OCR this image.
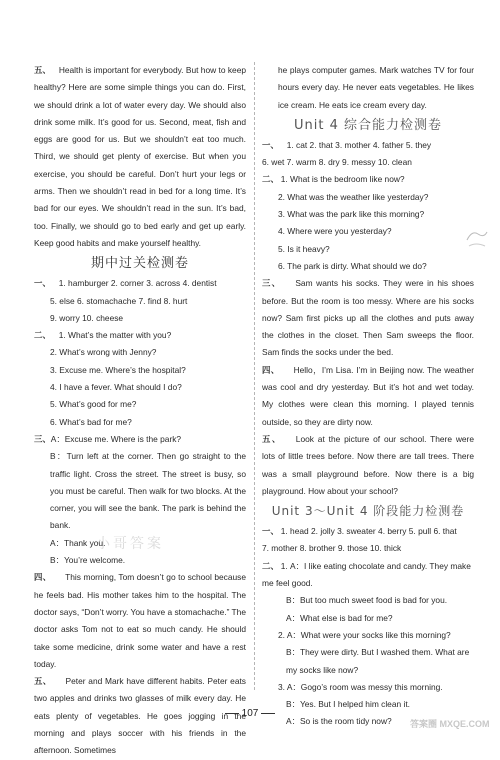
五、 Health is important for everybody. But how to keep healthy? Here are some simple things you can do. First, we should drink a lot of water every day. We should also drink some milk. It’s good for us. Second, meat, fish and eggs are good for us. But we shouldn’t eat too much. Third, we should get plenty of exercise. But when you exercise, you should be careful. Don’t hurt your legs or arms. Then we shouldn’t read in bed for a long time. It’s bad for our eyes. We shouldn’t read in the sun. It’s bad, too. Finally, we should go to bed early and get up early. Keep good habits and make yourself healthy.

期中过关检测卷

一、 1. hamburger 2. corner 3. across 4. dentist

5. else 6. stomachache 7. find 8. hurt

9. worry 10. cheese

二、 1. What’s the matter with you?

2. What’s wrong with Jenny?

3. Excuse me. Where’s the hospital?

4. I have a fever. What should I do?

5. What’s good for me?

6. What’s bad for me?

三、A：Excuse me. Where is the park?

B：Turn left at the corner. Then go straight to the traffic light. Cross the street. The street is busy, so you must be careful. Then walk for two blocks. At the corner, you will see the bank. The park is behind the bank.

A：Thank you.

B：You’re welcome.

四、 This morning, Tom doesn’t go to school because he feels bad. His mother takes him to the hospital. The doctor says, “Don’t worry. You have a stomachache.” The doctor asks Tom not to eat so much candy. He should take some medicine, drink some water and have a rest today.

五、 Peter and Mark have different habits. Peter eats two apples and drinks two glasses of milk every day. He eats plenty of vegetables. He goes jogging in the morning and plays soccer with his friends in the afternoon. Sometimes

he plays computer games. Mark watches TV for four hours every day. He never eats vegetables. He likes ice cream. He eats ice cream every day.

Unit 4 综合能力检测卷

一、 1. cat 2. that 3. mother 4. father 5. they

6. wet 7. warm 8. dry 9. messy 10. clean

二、 1. What is the bedroom like now?

2. What was the weather like yesterday?

3. What was the park like this morning?

4. Where were you yesterday?

5. Is it heavy?

6. The park is dirty. What should we do?

三、 Sam wants his socks. They were in his shoes before. But the room is too messy. Where are his socks now? Sam first picks up all the clothes and puts away the clothes in the closet. Then Sam sweeps the floor. Sam finds the socks under the bed.

四、 Hello，I’m Lisa. I’m in Beijing now. The weather was cool and dry yesterday. But it’s hot and wet today. My clothes were clean this morning. I played tennis outside, so they are dirty now.

五、 Look at the picture of our school. There were lots of little trees before. Now there are tall trees. There was a small playground before. Now there is a big playground. How about your school?

Unit 3～Unit 4 阶段能力检测卷

一、 1. head 2. jolly 3. sweater 4. berry 5. pull 6. that

7. mother 8. brother 9. those 10. thick

二、 1. A：I like eating chocolate and candy. They make me feel good.

B：But too much sweet food is bad for you.

A：What else is bad for me?

2. A：What were your socks like this morning?

B：They were dirty. But I washed them. What are my socks like now?

3. A：Gogo’s room was messy this morning.

B：Yes. But I helped him clean it.

A：So is the room tidy now?

小哥答案
107
答案圈 MXQE.COM
